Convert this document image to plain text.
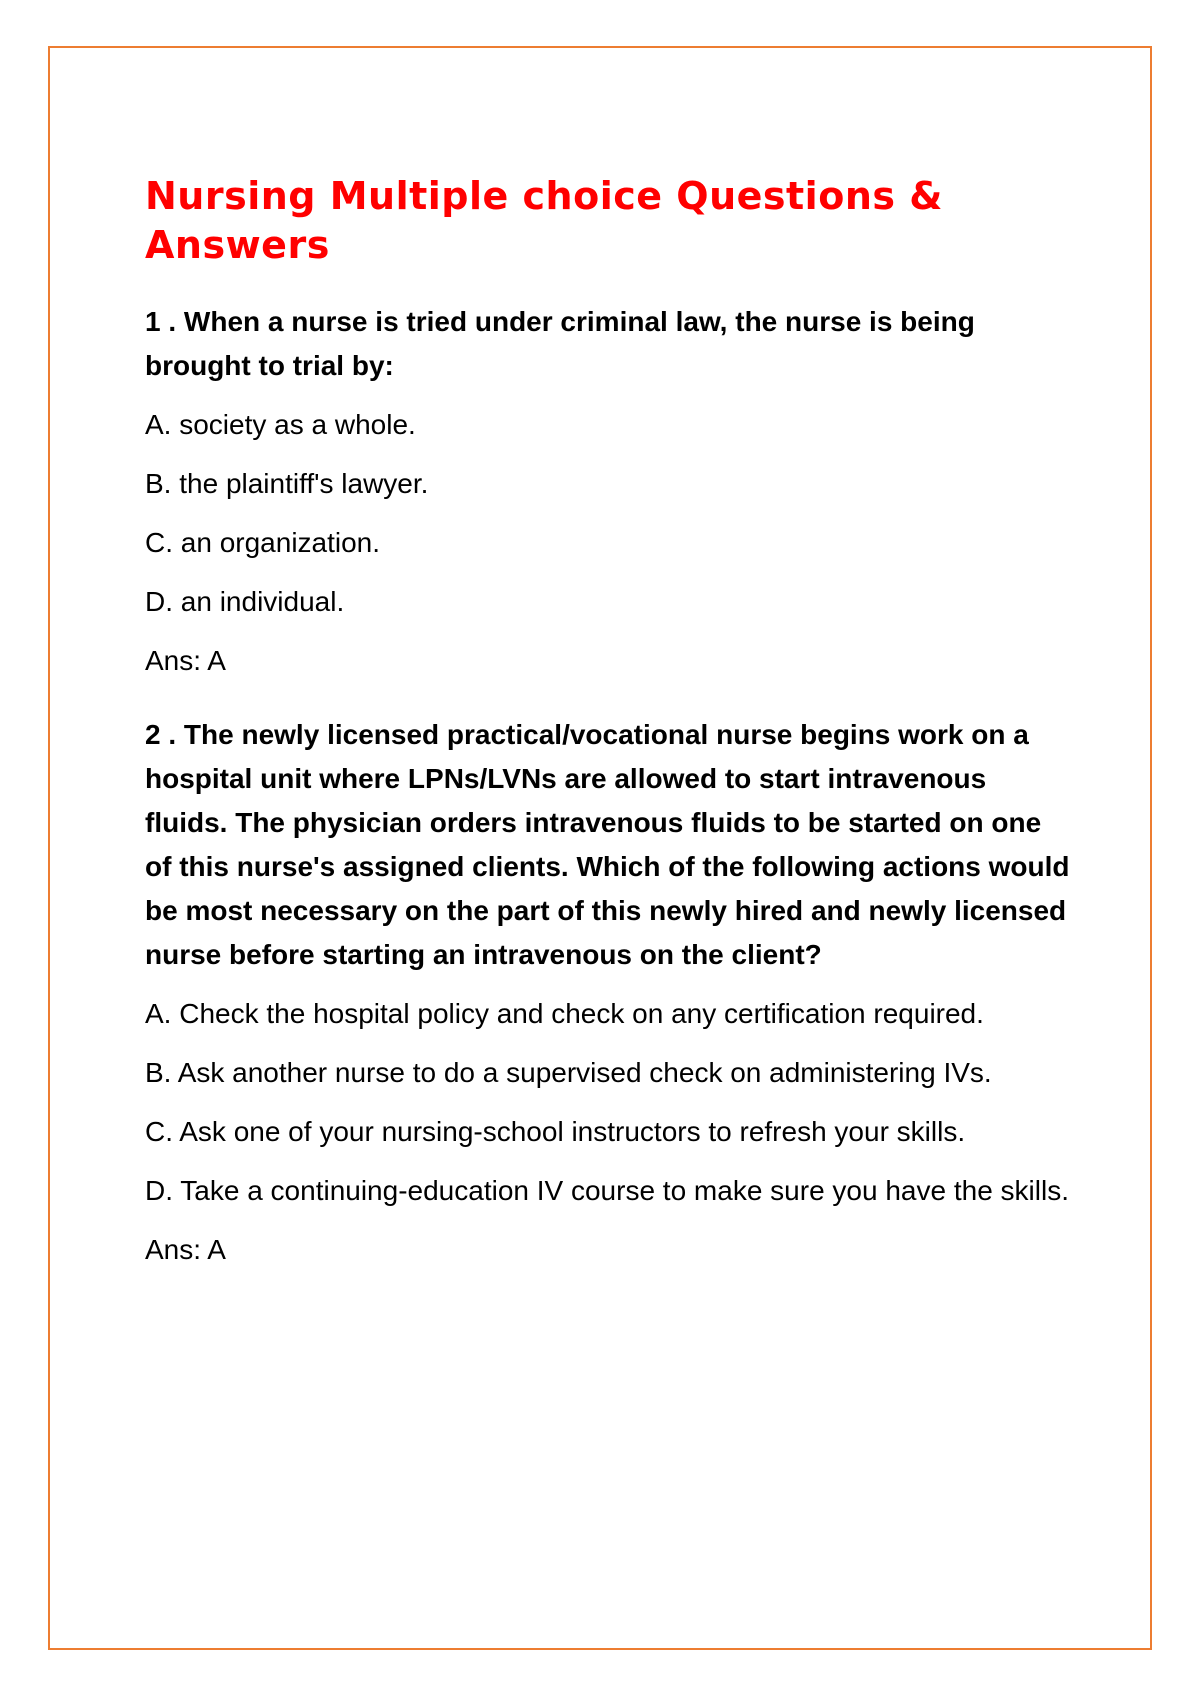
Nursing Multiple choice Questions & Answers

1 . When a nurse is tried under criminal law, the nurse is being brought to trial by:

A. society as a whole.

B. the plaintiff's lawyer.

C. an organization.

D. an individual.

Ans: A

2 . The newly licensed practical/vocational nurse begins work on a hospital unit where LPNs/LVNs are allowed to start intravenous fluids. The physician orders intravenous fluids to be started on one of this nurse's assigned clients. Which of the following actions would be most necessary on the part of this newly hired and newly licensed nurse before starting an intravenous on the client?

A. Check the hospital policy and check on any certification required.

B. Ask another nurse to do a supervised check on administering IVs.

C. Ask one of your nursing-school instructors to refresh your skills.

D. Take a continuing-education IV course to make sure you have the skills.

Ans: A
